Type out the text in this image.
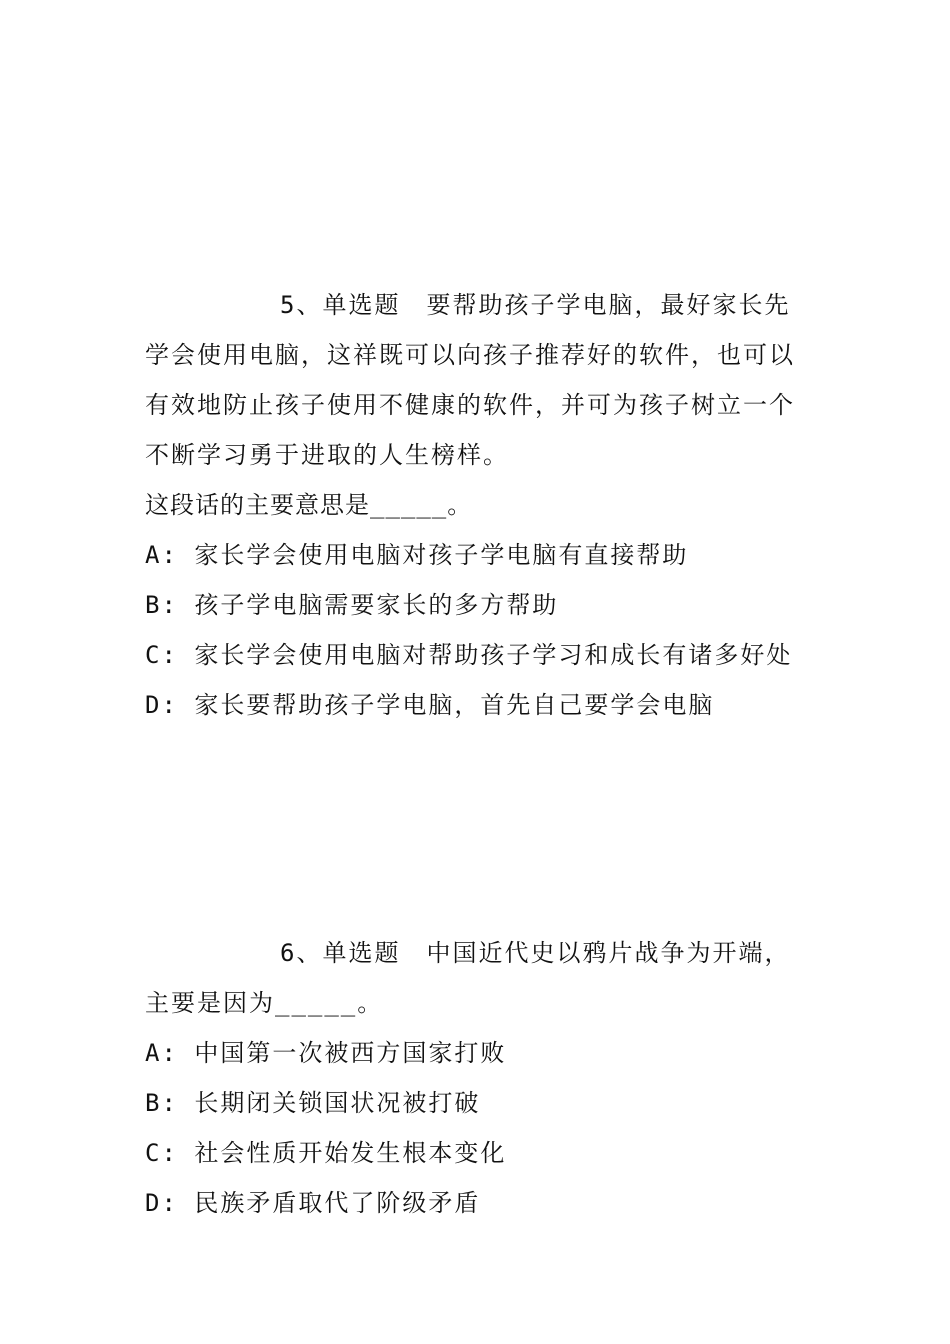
5、单选题　要帮助孩子学电脑，最好家长先学会使用电脑，这祥既可以向孩子推荐好的软件，也可以有效地防止孩子使用不健康的软件，并可为孩子树立一个不断学习勇于进取的人生榜样。

这段话的主要意思是_____。

A: 家长学会使用电脑对孩子学电脑有直接帮助

B: 孩子学电脑需要家长的多方帮助

C: 家长学会使用电脑对帮助孩子学习和成长有诸多好处

D: 家长要帮助孩子学电脑，首先自己要学会电脑

6、单选题　中国近代史以鸦片战争为开端，主要是因为_____。

A: 中国第一次被西方国家打败

B: 长期闭关锁国状况被打破

C: 社会性质开始发生根本变化

D: 民族矛盾取代了阶级矛盾
